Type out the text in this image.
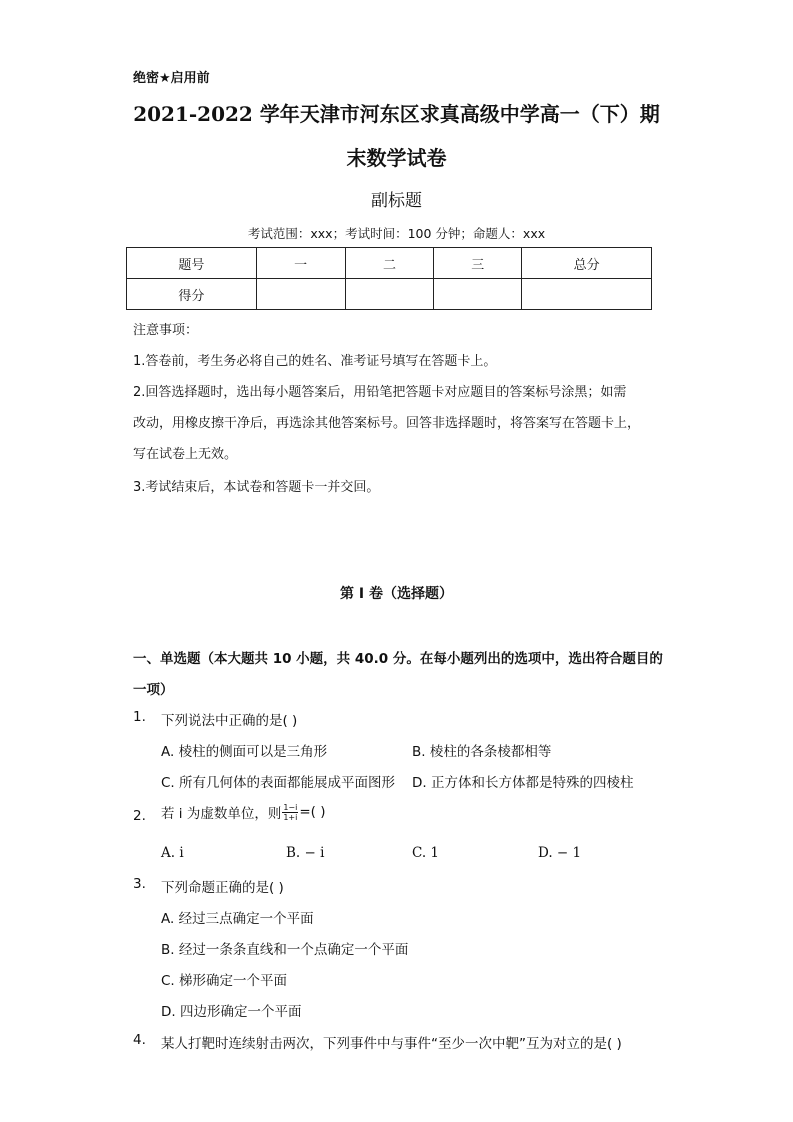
绝密★启用前
2021-2022 学年天津市河东区求真高级中学高一（下）期
末数学试卷
副标题
考试范围：xxx；考试时间：100 分钟；命题人：xxx
题号	一	二	三	总分
得分				
注意事项：
1.答卷前，考生务必将自己的姓名、准考证号填写在答题卡上。
2.回答选择题时，选出每小题答案后，用铅笔把答题卡对应题目的答案标号涂黑；如需
改动，用橡皮擦干净后，再选涂其他答案标号。回答非选择题时，将答案写在答题卡上，
写在试卷上无效。
3.考试结束后，本试卷和答题卡一并交回。
第 I 卷（选择题）
一、单选题（本大题共 10 小题，共 40.0 分。在每小题列出的选项中，选出符合题目的
一项）
1. 下列说法中正确的是( )
A. 棱柱的侧面可以是三角形	B. 棱柱的各条棱都相等
C. 所有几何体的表面都能展成平面图形 D. 正方体和长方体都是特殊的四棱柱
2. 若 i 为虚数单位，则 $\frac{1-i}{1+i}$ =( )
A. i	B. − i	C. 1	D. − 1
3. 下列命题正确的是( )
A. 经过三点确定一个平面
B. 经过一条条直线和一个点确定一个平面
C. 梯形确定一个平面
D. 四边形确定一个平面
4. 某人打靶时连续射击两次，下列事件中与事件“至少一次中靶”互为对立的是( )
